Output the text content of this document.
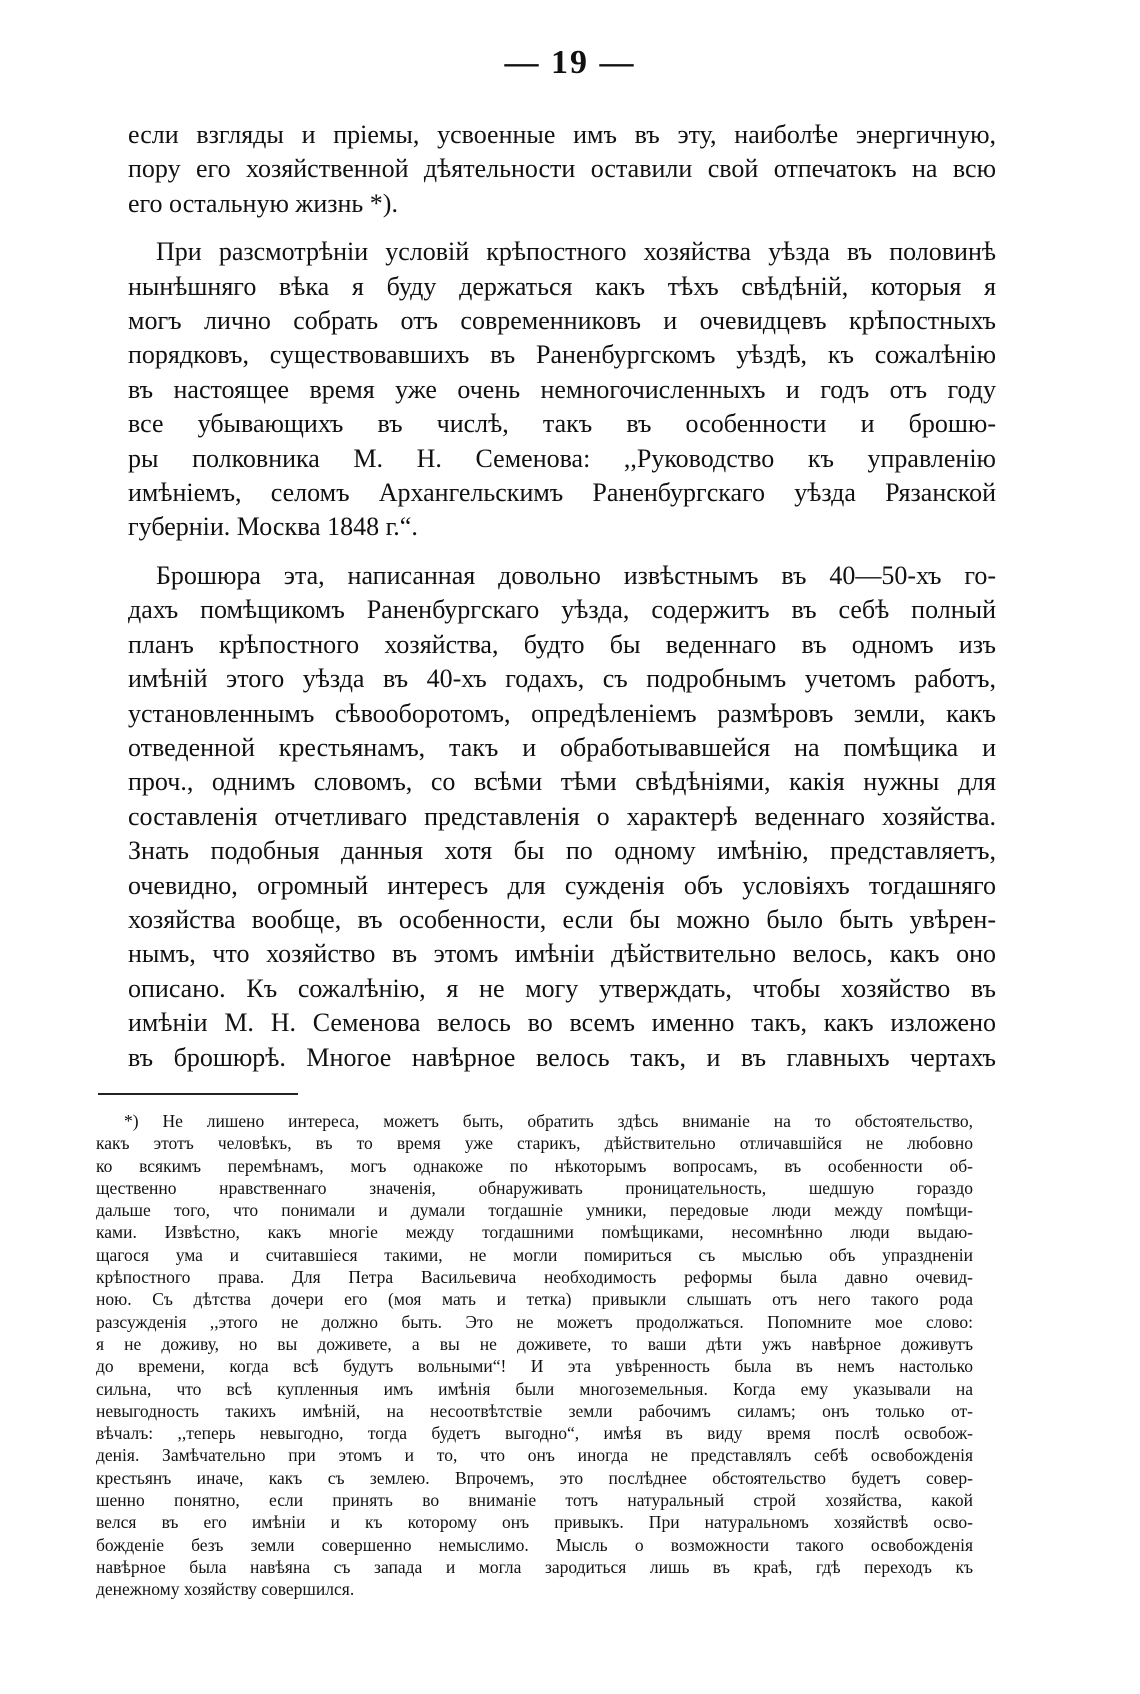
— 19 —
если взгляды и пріемы, усвоенные имъ въ эту, наиболѣе энергичную,
пору его хозяйственной дѣятельности оставили свой отпечатокъ на всю
его остальную жизнь *).
При разсмотрѣніи условій крѣпостного хозяйства уѣзда въ половинѣ
нынѣшняго вѣка я буду держаться какъ тѣхъ свѣдѣній, которыя я
могъ лично собрать отъ современниковъ и очевидцевъ крѣпостныхъ
порядковъ, существовавшихъ въ Раненбургскомъ уѣздѣ, къ сожалѣнію
въ настоящее время уже очень немногочисленныхъ и годъ отъ году
все убывающихъ въ числѣ, такъ въ особенности и брошю-
ры полковника М. Н. Семенова: ,,Руководство къ управленію
имѣніемъ, селомъ Архангельскимъ Раненбургскаго уѣзда Рязанской
губерніи. Москва 1848 г.“.
Брошюра эта, написанная довольно извѣстнымъ въ 40—50-хъ го-
дахъ помѣщикомъ Раненбургскаго уѣзда, содержитъ въ себѣ полный
планъ крѣпостного хозяйства, будто бы веденнаго въ одномъ изъ
имѣній этого уѣзда въ 40-хъ годахъ, съ подробнымъ учетомъ работъ,
установленнымъ сѣвооборотомъ, опредѣленіемъ размѣровъ земли, какъ
отведенной крестьянамъ, такъ и обработывавшейся на помѣщика и
проч., однимъ словомъ, со всѣми тѣми свѣдѣніями, какія нужны для
составленія отчетливаго представленія о характерѣ веденнаго хозяйства.
Знать подобныя данныя хотя бы по одному имѣнію, представляетъ,
очевидно, огромный интересъ для сужденія объ условіяхъ тогдашняго
хозяйства вообще, въ особенности, если бы можно было быть увѣрен-
нымъ, что хозяйство въ этомъ имѣніи дѣйствительно велось, какъ оно
описано. Къ сожалѣнію, я не могу утверждать, чтобы хозяйство въ
имѣніи М. Н. Семенова велось во всемъ именно такъ, какъ изложено
въ брошюрѣ. Многое навѣрное велось такъ, и въ главныхъ чертахъ
*) Не лишено интереса, можетъ быть, обратить здѣсь вниманіе на то обстоятельство,
какъ этотъ человѣкъ, въ то время уже старикъ, дѣйствительно отличавшійся не любовно
ко всякимъ перемѣнамъ, могъ однакоже по нѣкоторымъ вопросамъ, въ особенности об-
щественно нравственнаго значенія, обнаруживать проницательность, шедшую гораздо
дальше того, что понимали и думали тогдашніе умники, передовые люди между помѣщи-
ками. Извѣстно, какъ многіе между тогдашними помѣщиками, несомнѣнно люди выдаю-
щагося ума и считавшіеся такими, не могли помириться съ мыслью объ упраздненіи
крѣпостного права. Для Петра Васильевича необходимость реформы была давно очевид-
ною. Съ дѣтства дочери его (моя мать и тетка) привыкли слышать отъ него такого рода
разсужденія ,,этого не должно быть. Это не можетъ продолжаться. Попомните мое слово:
я не доживу, но вы доживете, а вы не доживете, то ваши дѣти ужъ навѣрное доживутъ
до времени, когда всѣ будутъ вольными“! И эта увѣренность была въ немъ настолько
сильна, что всѣ купленныя имъ имѣнія были многоземельныя. Когда ему указывали на
невыгодность такихъ имѣній, на несоотвѣтствіе земли рабочимъ силамъ; онъ только от-
вѣчалъ: ,,теперь невыгодно, тогда будетъ выгодно“, имѣя въ виду время послѣ освобож-
денія. Замѣчательно при этомъ и то, что онъ иногда не представлялъ себѣ освобожденія
крестьянъ иначе, какъ съ землею. Впрочемъ, это послѣднее обстоятельство будетъ совер-
шенно понятно, если принять во вниманіе тотъ натуральный строй хозяйства, какой
велся въ его имѣніи и къ которому онъ привыкъ. При натуральномъ хозяйствѣ осво-
божденіе безъ земли совершенно немыслимо. Мысль о возможности такого освобожденія
навѣрное была навѣяна съ запада и могла зародиться лишь въ краѣ, гдѣ переходъ къ
денежному хозяйству совершился.
